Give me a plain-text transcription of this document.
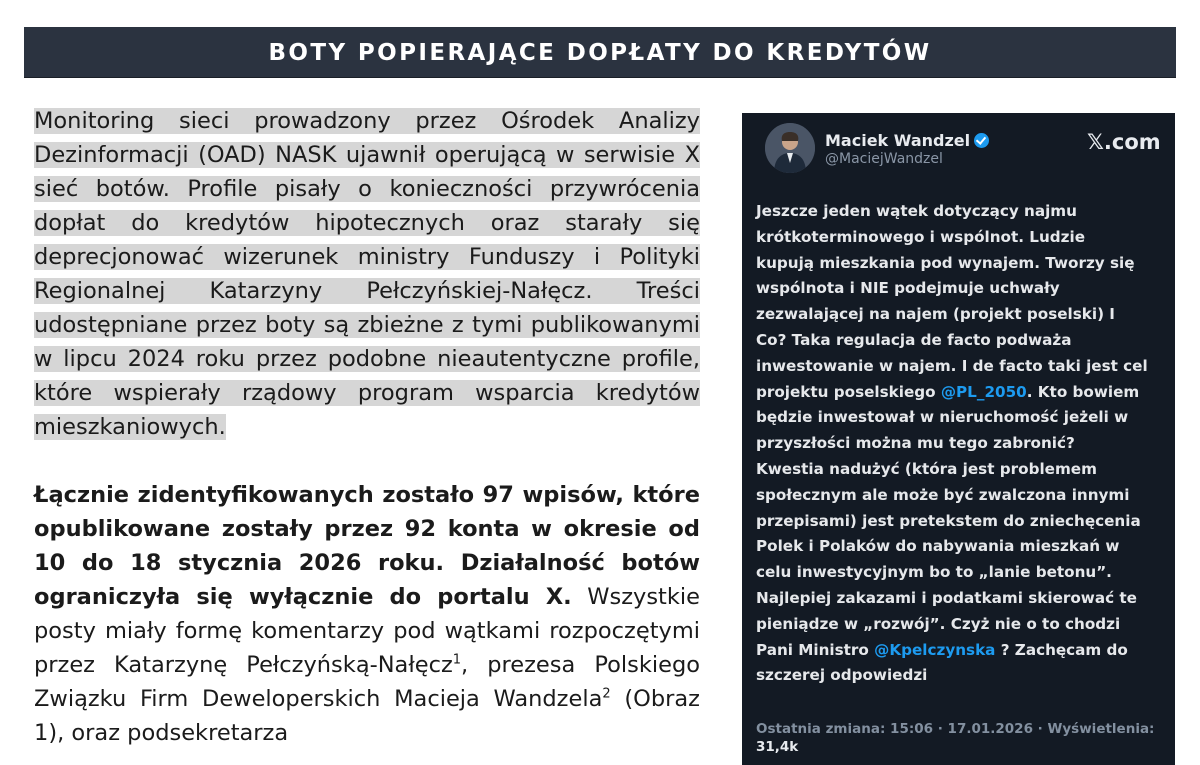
BOTY POPIERAJĄCE DOPŁATY DO KREDYTÓW

Monitoring sieci prowadzony przez Ośrodek Analizy Dezinformacji (OAD) NASK ujawnił operującą w serwisie X sieć botów. Profile pisały o konieczności przywrócenia dopłat do kredytów hipotecznych oraz starały się deprecjonować wizerunek ministry Funduszy i Polityki Regionalnej Katarzyny Pełczyńskiej-Nałęcz. Treści udostępniane przez boty są zbieżne z tymi publikowanymi w lipcu 2024 roku przez podobne nieautentyczne profile, które wspierały rządowy program wsparcia kredytów mieszkaniowych.

Łącznie zidentyfikowanych zostało 97 wpisów, które opublikowane zostały przez 92 konta w okresie od 10 do 18 stycznia 2026 roku. Działalność botów ograniczyła się wyłącznie do portalu X. Wszystkie posty miały formę komentarzy pod wątkami rozpoczętymi przez Katarzynę Pełczyńską-Nałęcz$^1$, prezesa Polskiego Związku Firm Deweloperskich Macieja Wandzela$^2$ (Obraz 1), oraz podsekretarza

Maciek Wandzel
@MaciejWandzel
𝕏.com
Jeszcze jeden wątek dotyczący najmu
krótkoterminowego i wspólnot. Ludzie
kupują mieszkania pod wynajem. Tworzy się
wspólnota i NIE podejmuje uchwały
zezwalającej na najem (projekt poselski) I
Co? Taka regulacja de facto podważa
inwestowanie w najem. I de facto taki jest cel
projektu poselskiego @PL_2050. Kto bowiem
będzie inwestował w nieruchomość jeżeli w
przyszłości można mu tego zabronić?
Kwestia nadużyć (która jest problemem
społecznym ale może być zwalczona innymi
przepisami) jest pretekstem do zniechęcenia
Polek i Polaków do nabywania mieszkań w
celu inwestycyjnym bo to „lanie betonu”.
Najlepiej zakazami i podatkami skierować te
pieniądze w „rozwój”. Czyż nie o to chodzi
Pani Ministro @Kpelczynska ? Zachęcam do
szczerej odpowiedzi
Ostatnia zmiana: 15:06 · 17.01.2026 · Wyświetlenia:
31,4k
